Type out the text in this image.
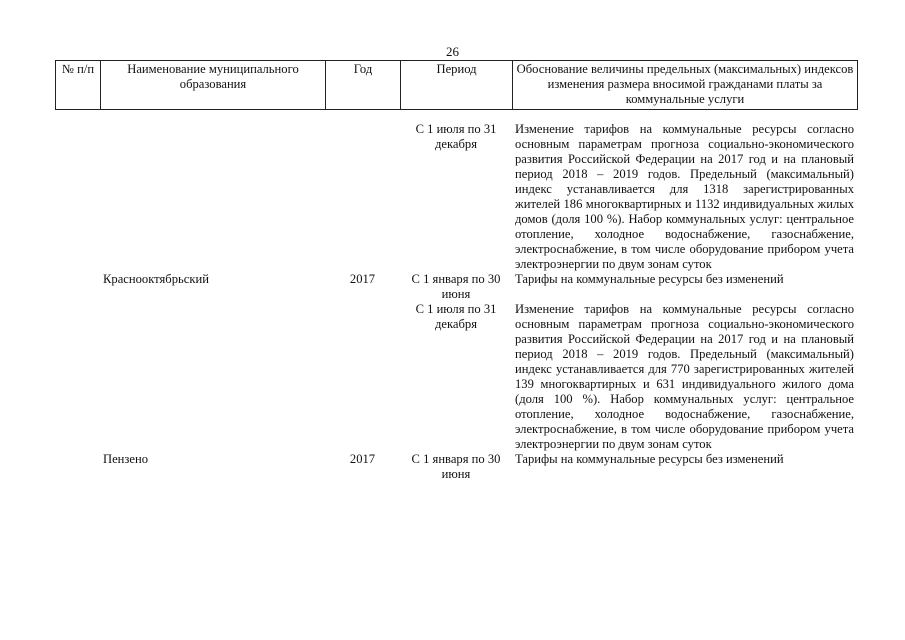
26
№ п/п	Наименование муниципального образования	Год	Период	Обоснование величины предельных (максимальных) индексов изменения размера вносимой гражданами платы за коммунальные услуги
			С 1 июля по 31 декабря	Изменение тарифов на коммунальные ресурсы согласно основным параметрам прогноза социально-экономического развития Российской Федерации на 2017 год и на плановый период 2018 – 2019 годов. Предельный (максимальный) индекс устанавливается для 1318 зарегистрированных жителей 186 многоквартирных и 1132 индивидуальных жилых домов (доля 100 %). Набор коммунальных услуг: центральное отопление, холодное водоснабжение, газоснабжение, электроснабжение, в том числе оборудование прибором учета электроэнергии по двум зонам суток
	Краснооктябрьский	2017	С 1 января по 30 июня	Тарифы на коммунальные ресурсы без изменений
			С 1 июля по 31 декабря	Изменение тарифов на коммунальные ресурсы согласно основным параметрам прогноза социально-экономического развития Российской Федерации на 2017 год и на плановый период 2018 – 2019 годов. Предельный (максимальный) индекс устанавливается для 770 зарегистрированных жителей 139 многоквартирных и 631 индивидуального жилого дома (доля 100 %). Набор коммунальных услуг: центральное отопление, холодное водоснабжение, газоснабжение, электроснабжение, в том числе оборудование прибором учета электроэнергии по двум зонам суток
	Пензено	2017	С 1 января по 30 июня	Тарифы на коммунальные ресурсы без изменений
